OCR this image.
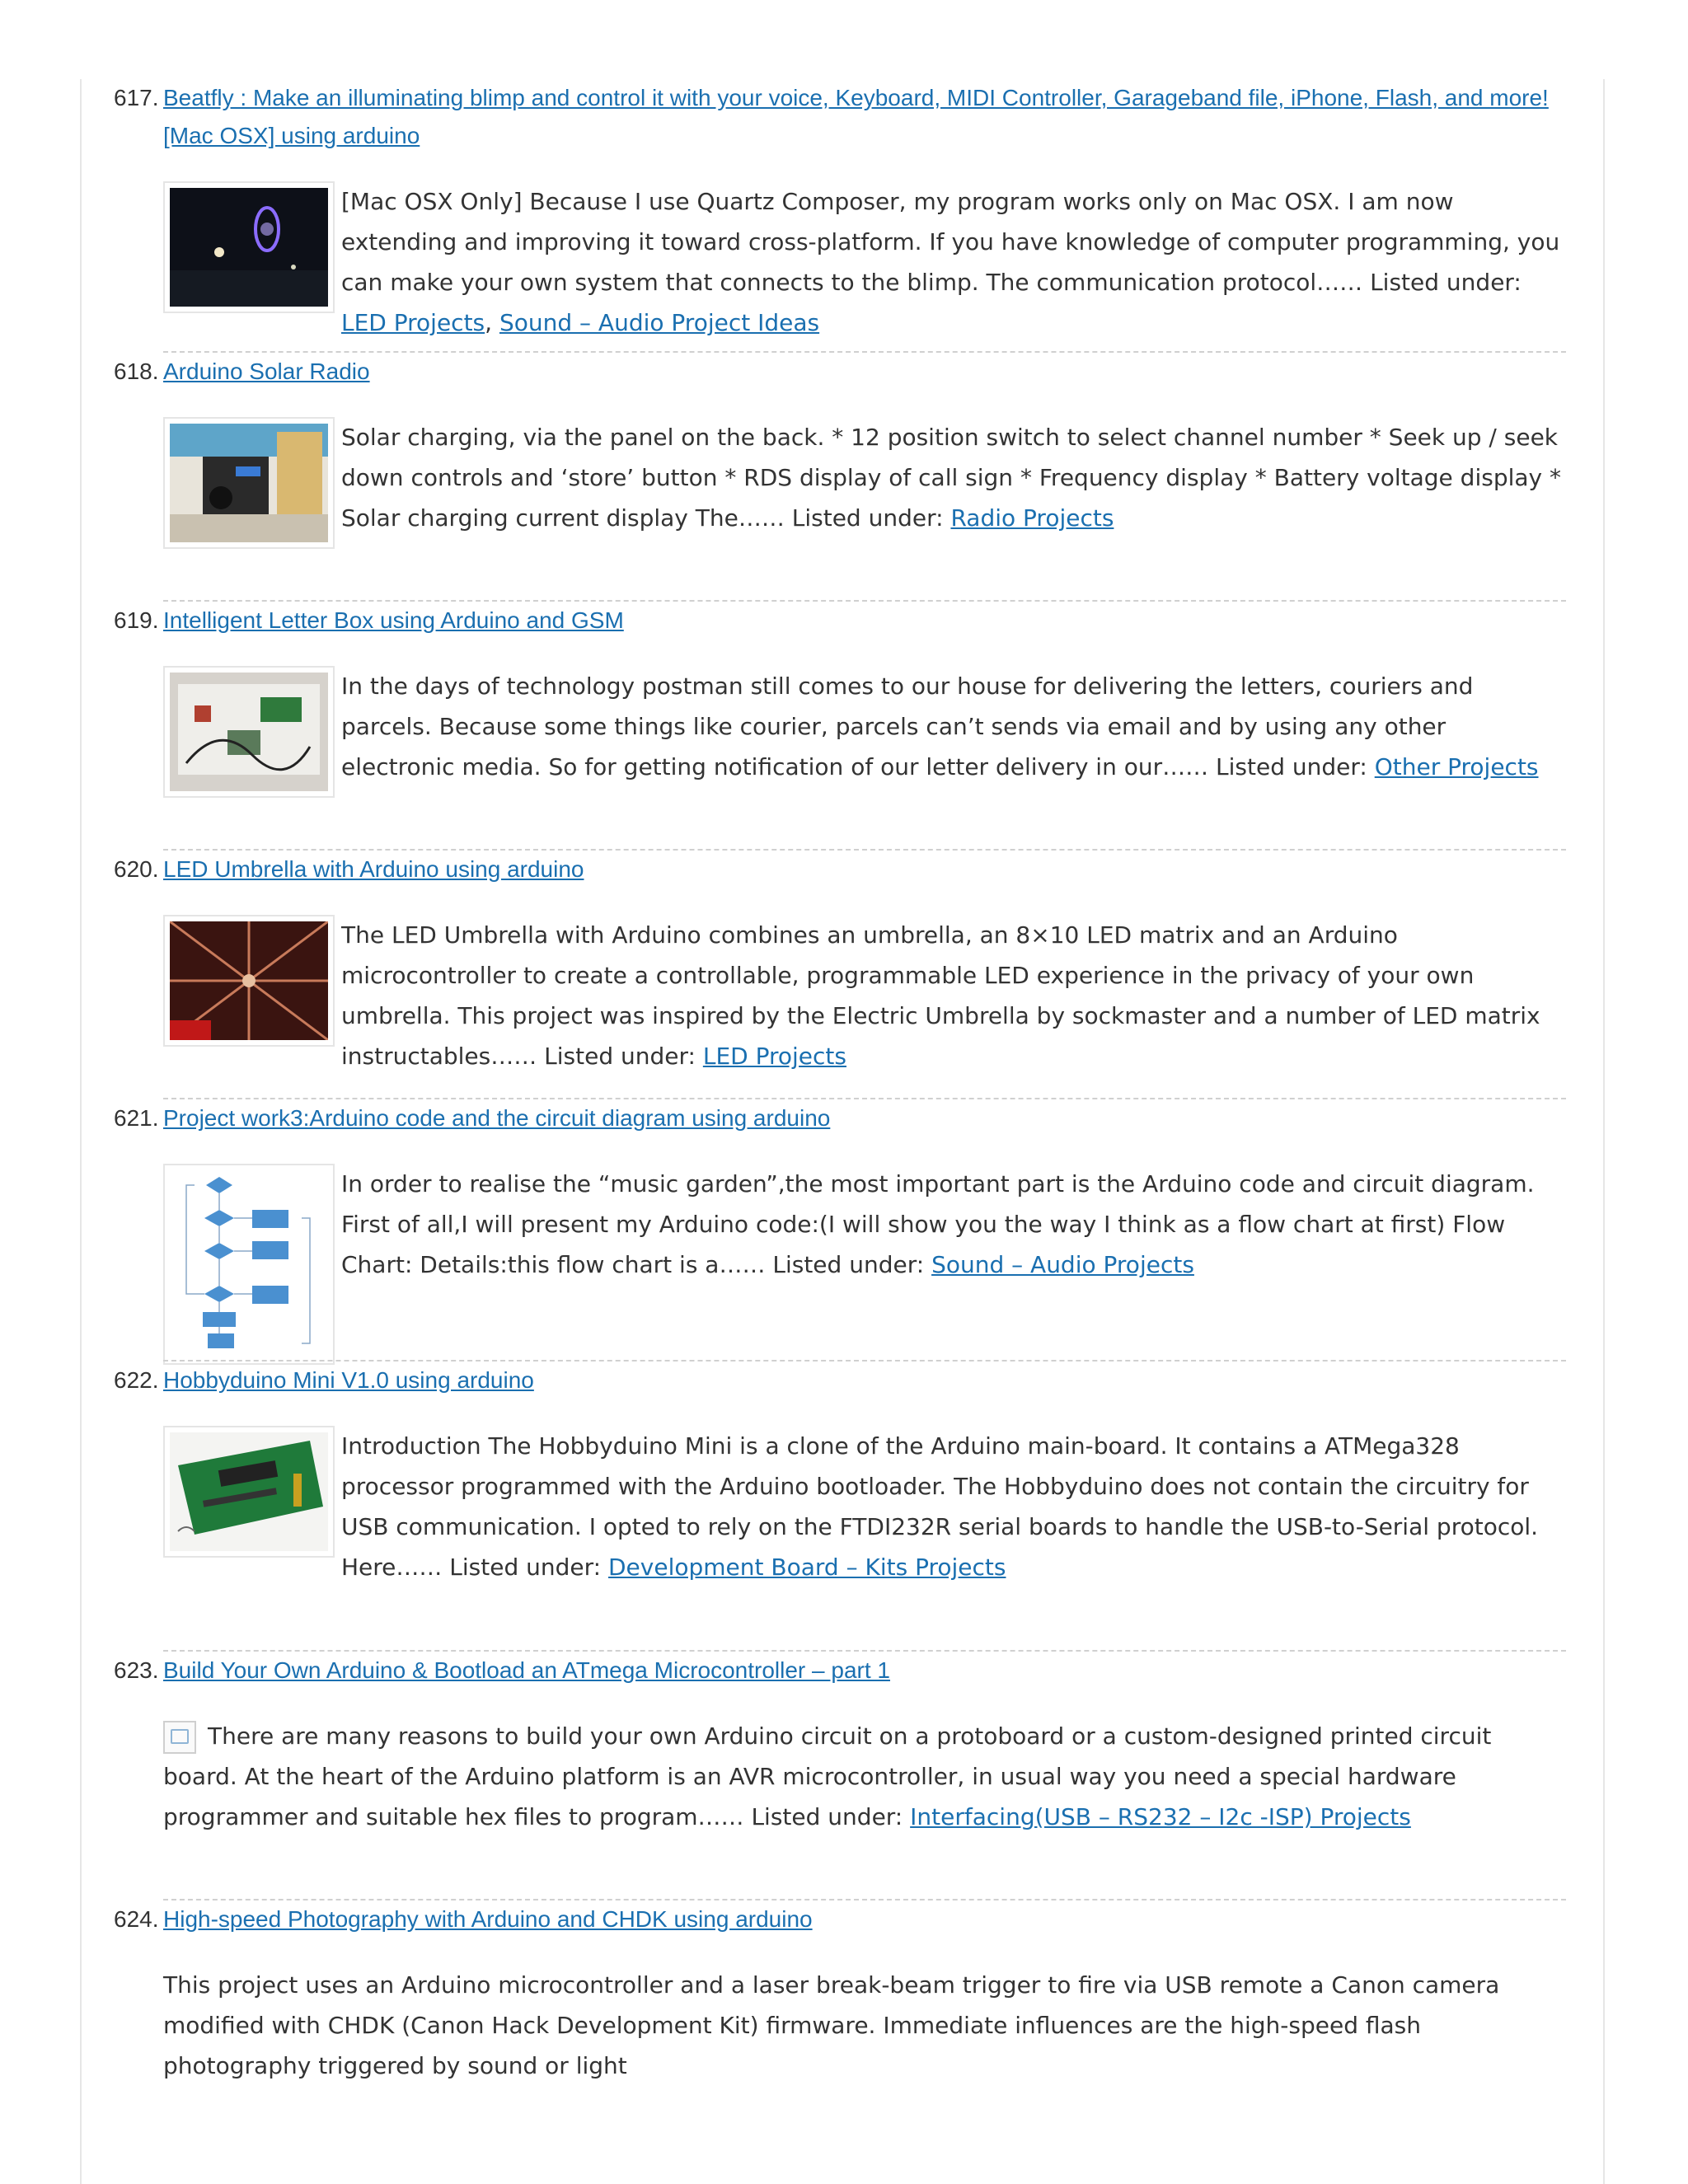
617. Beatfly : Make an illuminating blimp and control it with your voice, Keyboard, MIDI Controller, Garageband file, iPhone, Flash, and more! [Mac OSX] using arduino

[Mac OSX Only] Because I use Quartz Composer, my program works only on Mac OSX. I am now extending and improving it toward cross-platform. If you have knowledge of computer programming, you can make your own system that connects to the blimp. The communication protocol…… Listed under: LED Projects, Sound – Audio Project Ideas

618. Arduino Solar Radio

Solar charging, via the panel on the back. * 12 position switch to select channel number * Seek up / seek down controls and ‘store’ button * RDS display of call sign * Frequency display * Battery voltage display * Solar charging current display The…… Listed under: Radio Projects

619. Intelligent Letter Box using Arduino and GSM

In the days of technology postman still comes to our house for delivering the letters, couriers and parcels. Because some things like courier, parcels can’t sends via email and by using any other electronic media. So for getting notification of our letter delivery in our…… Listed under: Other Projects

620. LED Umbrella with Arduino using arduino

The LED Umbrella with Arduino combines an umbrella, an 8×10 LED matrix and an Arduino microcontroller to create a controllable, programmable LED experience in the privacy of your own umbrella. This project was inspired by the Electric Umbrella by sockmaster and a number of LED matrix instructables…… Listed under: LED Projects

621. Project work3:Arduino code and the circuit diagram using arduino

In order to realise the “music garden”,the most important part is the Arduino code and circuit diagram. First of all,I will present my Arduino code:(I will show you the way I think as a flow chart at first) Flow Chart: Details:this flow chart is a…… Listed under: Sound – Audio Projects

622. Hobbyduino Mini V1.0 using arduino

Introduction The Hobbyduino Mini is a clone of the Arduino main-board. It contains a ATMega328 processor programmed with the Arduino bootloader. The Hobbyduino does not contain the circuitry for USB communication. I opted to rely on the FTDI232R serial boards to handle the USB-to-Serial protocol. Here…… Listed under: Development Board – Kits Projects

623. Build Your Own Arduino & Bootload an ATmega Microcontroller – part 1

There are many reasons to build your own Arduino circuit on a protoboard or a custom-designed printed circuit board. At the heart of the Arduino platform is an AVR microcontroller, in usual way you need a special hardware programmer and suitable hex files to program…… Listed under: Interfacing(USB – RS232 – I2c -ISP) Projects

624. High-speed Photography with Arduino and CHDK using arduino

This project uses an Arduino microcontroller and a laser break-beam trigger to fire via USB remote a Canon camera modified with CHDK (Canon Hack Development Kit) firmware. Immediate influences are the high-speed flash photography triggered by sound or light
